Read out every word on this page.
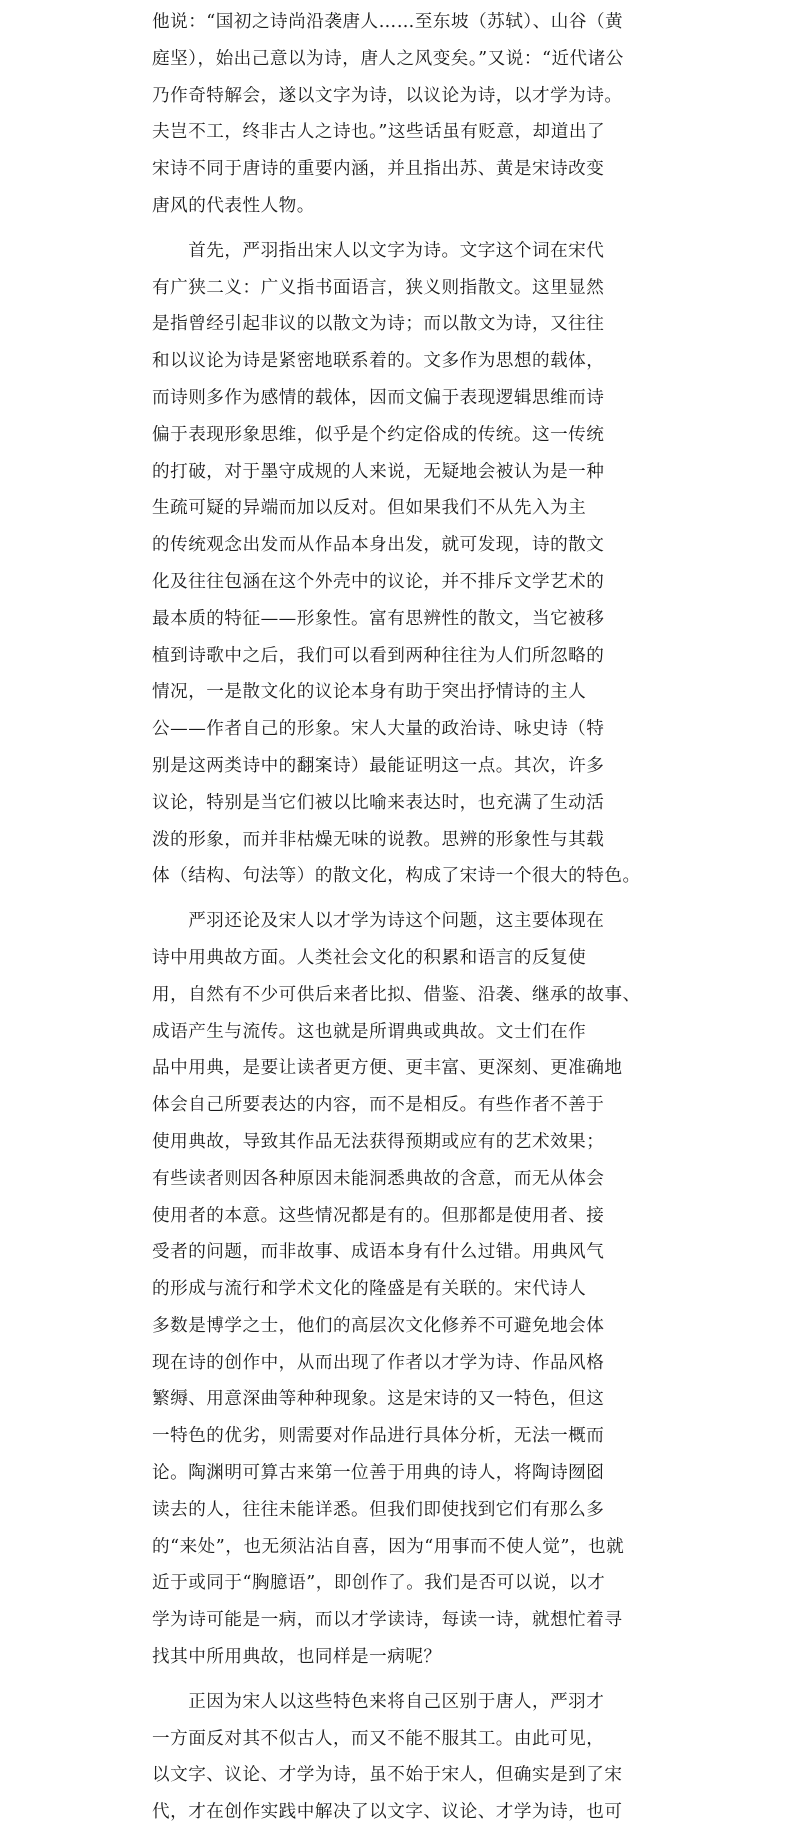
他说：“国初之诗尚沿袭唐人……至东坡（苏轼）、山谷（黄
庭坚），始出己意以为诗，唐人之风变矣。”又说：“近代诸公
乃作奇特解会，遂以文字为诗，以议论为诗，以才学为诗。
夫岂不工，终非古人之诗也。”这些话虽有贬意，却道出了
宋诗不同于唐诗的重要内涵，并且指出苏、黄是宋诗改变
唐风的代表性人物。
　　首先，严羽指出宋人以文字为诗。文字这个词在宋代
有广狭二义：广义指书面语言，狭义则指散文。这里显然
是指曾经引起非议的以散文为诗；而以散文为诗，又往往
和以议论为诗是紧密地联系着的。文多作为思想的载体，
而诗则多作为感情的载体，因而文偏于表现逻辑思维而诗
偏于表现形象思维，似乎是个约定俗成的传统。这一传统
的打破，对于墨守成规的人来说，无疑地会被认为是一种
生疏可疑的异端而加以反对。但如果我们不从先入为主
的传统观念出发而从作品本身出发，就可发现，诗的散文
化及往往包涵在这个外壳中的议论，并不排斥文学艺术的
最本质的特征——形象性。富有思辨性的散文，当它被移
植到诗歌中之后，我们可以看到两种往往为人们所忽略的
情况，一是散文化的议论本身有助于突出抒情诗的主人
公——作者自己的形象。宋人大量的政治诗、咏史诗（特
别是这两类诗中的翻案诗）最能证明这一点。其次，许多
议论，特别是当它们被以比喻来表达时，也充满了生动活
泼的形象，而并非枯燥无味的说教。思辨的形象性与其载
体（结构、句法等）的散文化，构成了宋诗一个很大的特色。
　　严羽还论及宋人以才学为诗这个问题，这主要体现在
诗中用典故方面。人类社会文化的积累和语言的反复使
用，自然有不少可供后来者比拟、借鉴、沿袭、继承的故事、
成语产生与流传。这也就是所谓典或典故。文士们在作
品中用典，是要让读者更方便、更丰富、更深刻、更准确地
体会自己所要表达的内容，而不是相反。有些作者不善于
使用典故，导致其作品无法获得预期或应有的艺术效果；
有些读者则因各种原因未能洞悉典故的含意，而无从体会
使用者的本意。这些情况都是有的。但那都是使用者、接
受者的问题，而非故事、成语本身有什么过错。用典风气
的形成与流行和学术文化的隆盛是有关联的。宋代诗人
多数是博学之士，他们的高层次文化修养不可避免地会体
现在诗的创作中，从而出现了作者以才学为诗、作品风格
繁缛、用意深曲等种种现象。这是宋诗的又一特色，但这
一特色的优劣，则需要对作品进行具体分析，无法一概而
论。陶渊明可算古来第一位善于用典的诗人，将陶诗囫囵
读去的人，往往未能详悉。但我们即使找到它们有那么多
的“来处”，也无须沾沾自喜，因为“用事而不使人觉”，也就
近于或同于“胸臆语”，即创作了。我们是否可以说，以才
学为诗可能是一病，而以才学读诗，每读一诗，就想忙着寻
找其中所用典故，也同样是一病呢？
　　正因为宋人以这些特色来将自己区别于唐人，严羽才
一方面反对其不似古人，而又不能不服其工。由此可见，
以文字、议论、才学为诗，虽不始于宋人，但确实是到了宋
代，才在创作实践中解决了以文字、议论、才学为诗，也可
